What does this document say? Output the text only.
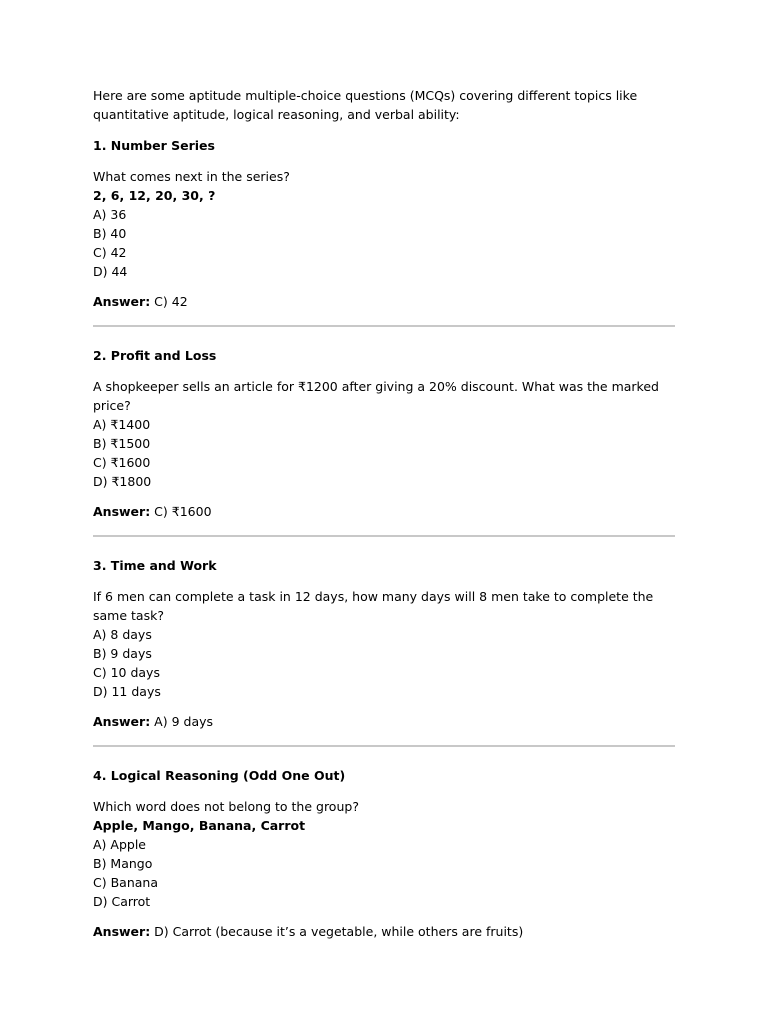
Here are some aptitude multiple-choice questions (MCQs) covering different topics like quantitative aptitude, logical reasoning, and verbal ability:

1. Number Series

What comes next in the series?

2, 6, 12, 20, 30, ?

A) 36

B) 40

C) 42

D) 44

Answer: C) 42

2. Profit and Loss

A shopkeeper sells an article for ₹1200 after giving a 20% discount. What was the marked price?

A) ₹1400

B) ₹1500

C) ₹1600

D) ₹1800

Answer: C) ₹1600

3. Time and Work

If 6 men can complete a task in 12 days, how many days will 8 men take to complete the same task?

A) 8 days

B) 9 days

C) 10 days

D) 11 days

Answer: A) 9 days

4. Logical Reasoning (Odd One Out)

Which word does not belong to the group?

Apple, Mango, Banana, Carrot

A) Apple

B) Mango

C) Banana

D) Carrot

Answer: D) Carrot (because it’s a vegetable, while others are fruits)
